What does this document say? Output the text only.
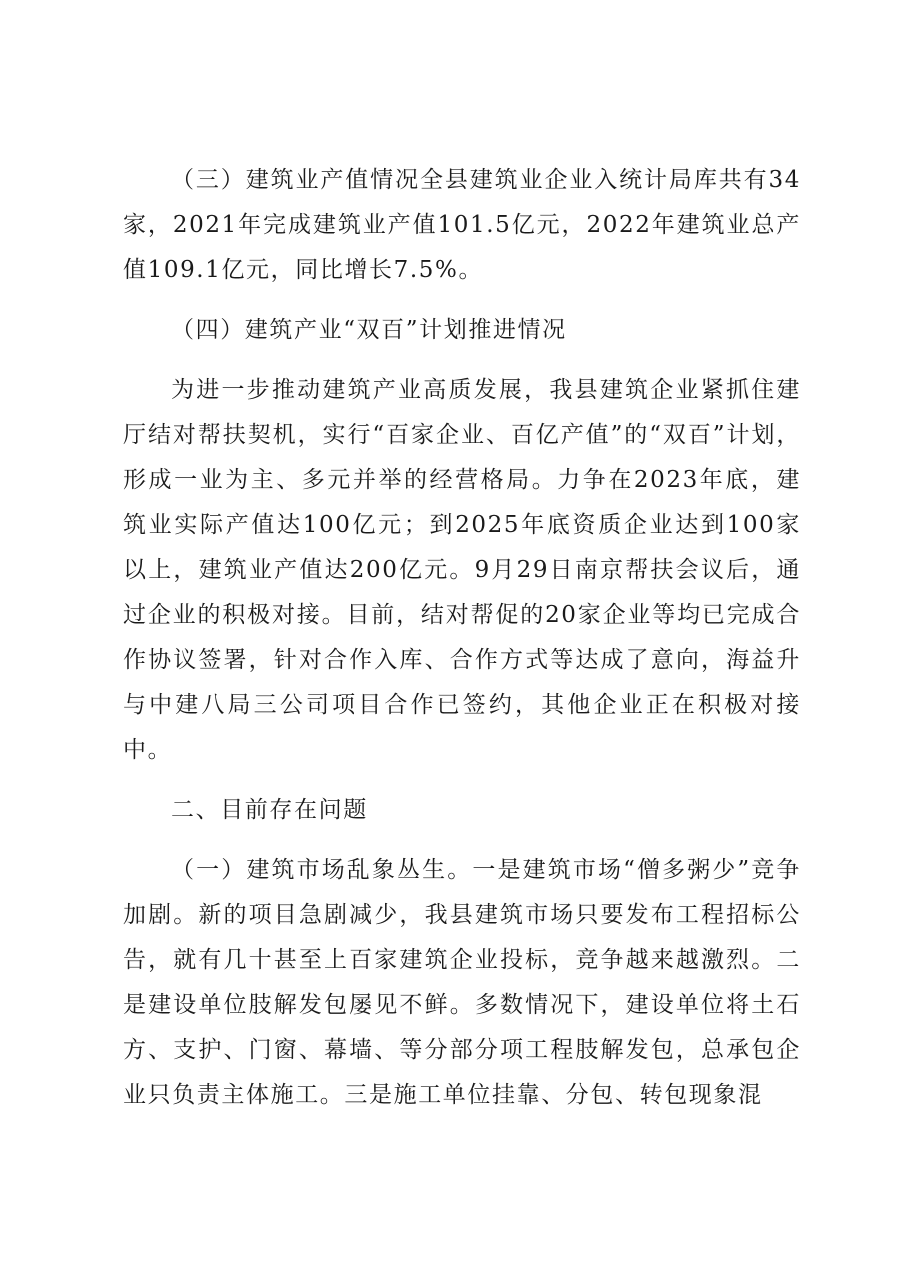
（三）建筑业产值情况全县建筑业企业入统计局库共有34家，2021年完成建筑业产值101.5亿元，2022年建筑业总产值109.1亿元，同比增长7.5%。

（四）建筑产业“双百”计划推进情况

为进一步推动建筑产业高质发展，我县建筑企业紧抓住建厅结对帮扶契机，实行“百家企业、百亿产值”的“双百”计划，形成一业为主、多元并举的经营格局。力争在2023年底，建筑业实际产值达100亿元；到2025年底资质企业达到100家以上，建筑业产值达200亿元。9月29日南京帮扶会议后，通过企业的积极对接。目前，结对帮促的20家企业等均已完成合作协议签署，针对合作入库、合作方式等达成了意向，海益升与中建八局三公司项目合作已签约，其他企业正在积极对接中。

二、目前存在问题

（一）建筑市场乱象丛生。一是建筑市场“僧多粥少”竞争加剧。新的项目急剧减少，我县建筑市场只要发布工程招标公告，就有几十甚至上百家建筑企业投标，竞争越来越激烈。二是建设单位肢解发包屡见不鲜。多数情况下，建设单位将土石方、支护、门窗、幕墙、等分部分项工程肢解发包，总承包企业只负责主体施工。三是施工单位挂靠、分包、转包现象混
